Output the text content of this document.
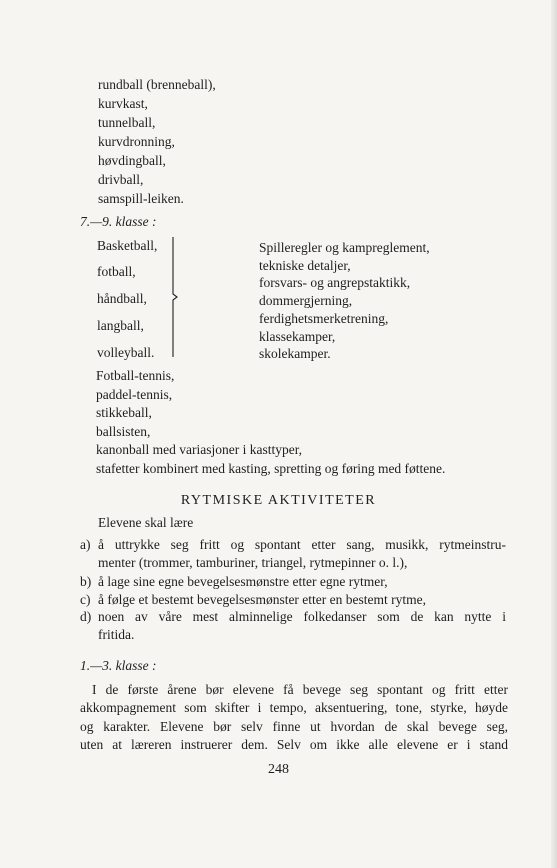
rundball (brenneball),
kurvkast,
tunnelball,
kurvdronning,
høvdingball,
drivball,
samspill-leiken.
7.—9. klasse :
Basketball,
fotball,
håndball,
langball,
volleyball.
Spilleregler og kampreglement,
tekniske detaljer,
forsvars- og angrepstaktikk,
dommergjerning,
ferdighetsmerketrening,
klassekamper,
skolekamper.
Fotball-tennis,
paddel-tennis,
stikkeball,
ballsisten,
kanonball med variasjoner i kasttyper,
stafetter kombinert med kasting, spretting og føring med føttene.
RYTMISKE AKTIVITETER
Elevene skal lære
a) å uttrykke seg fritt og spontant etter sang, musikk, rytmeinstru-
menter (trommer, tamburiner, triangel, rytmepinner o. l.),
b) å lage sine egne bevegelsesmønstre etter egne rytmer,
c) å følge et bestemt bevegelsesmønster etter en bestemt rytme,
d) noen av våre mest alminnelige folkedanser som de kan nytte i
fritida.
1.—3. klasse :
I de første årene bør elevene få bevege seg spontant og fritt etter
akkompagnement som skifter i tempo, aksentuering, tone, styrke, høyde
og karakter. Elevene bør selv finne ut hvordan de skal bevege seg,
uten at læreren instruerer dem. Selv om ikke alle elevene er i stand
248
